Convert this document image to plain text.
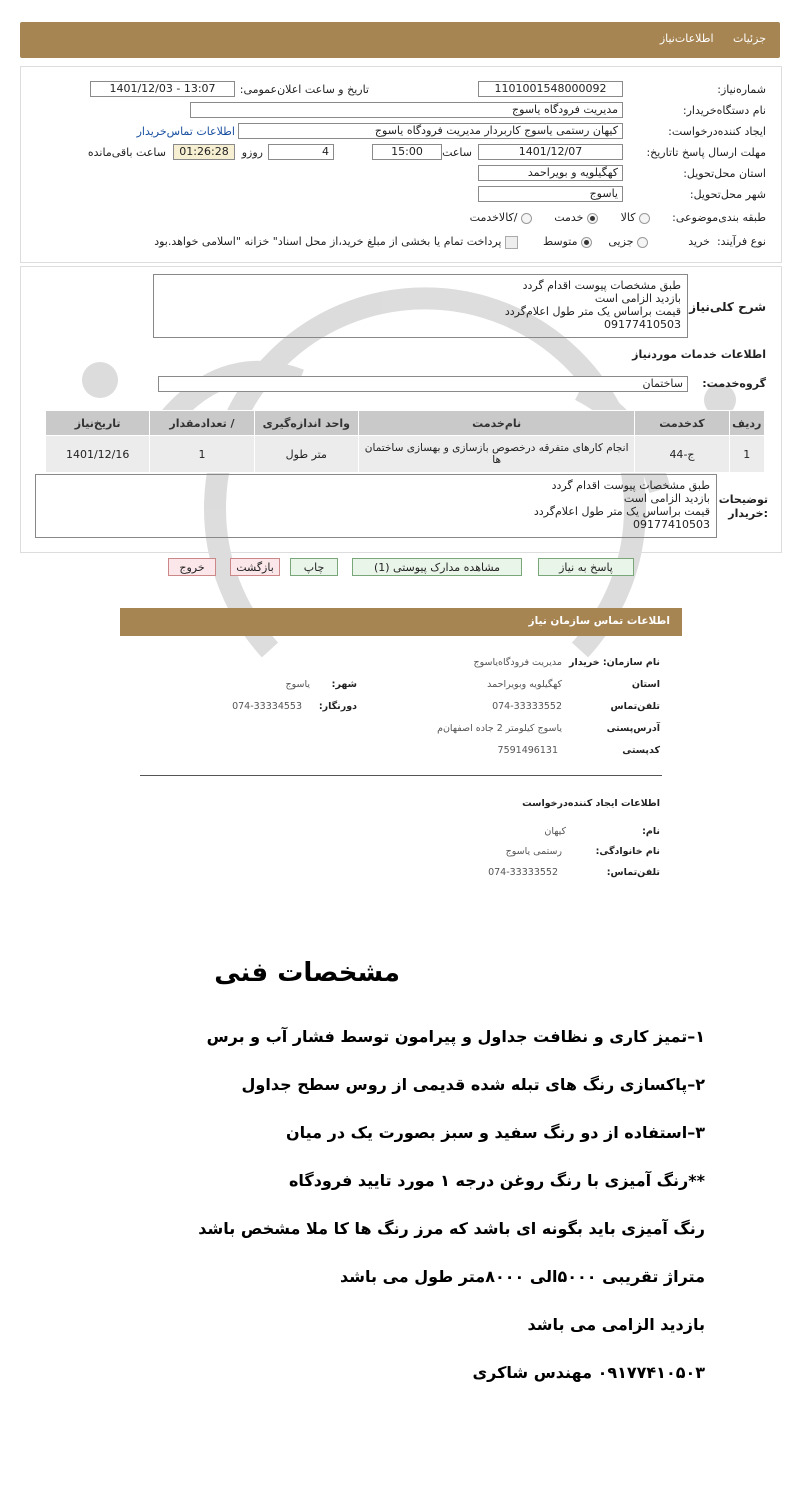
جزئیات اطلاعات‌نیاز
شماره‌نیاز:
1101001548000092
تاریخ و ساعت اعلان‌عمومی:
1401/12/03 - 13:07
نام دستگاه‌خریدار:
مدیریت فرودگاه یاسوج
ایجاد کننده‌درخواست:
کیهان رستمی یاسوج کاربردار مدیریت فرودگاه یاسوج
اطلاعات تماس‌خریدار
مهلت ارسال‌ پاسخ تا‌تاریخ:
1401/12/07
ساعت
15:00
4
روزو
01:26:28
ساعت باقی‌مانده
استان محل‌تحویل:
کهگیلویه و بویراحمد
شهر محل‌تحویل:
یاسوج
طبقه بندی‌موضوعی:
کالا
خدمت
/کالاخدمت
نوع فرآیند:
خرید
جزیی
متوسط
پرداخت تمام یا بخشی از مبلغ خرید،از محل اسناد" خزانه "اسلامی خواهد.بود
طبق مشخصات پیوست اقدام گردد
بازدید الزامی است
قیمت براساس یک متر طول اعلام‌گردد
09177410503
شرح کلی‌نیاز
اطلاعات خدمات موردنیاز
گروه‌خدمت:
ساختمان
ردیف	کدخدمت	نام‌خدمت	واحد اندازه‌گیری	/ تعدادمقدار	تاریخ‌نیاز
1	ج-44	انجام کارهای متفرقه درخصوص بازسازی و بهسازی ساختمان ها	متر طول	1	1401/12/16
طبق مشخصات پیوست اقدام گردد
بازدید الزامی است
قیمت براساس یک متر طول اعلام‌گردد
09177410503
توضیحات :خریدار
پاسخ به نیاز
مشاهده مدارک پیوستی (1)
چاپ
بازگشت
خروج
اطلاعات تماس سازمان‌ نیاز
نام سازمان: خریدار
مدیریت فرودگاه‌یاسوج
استان
کهگیلویه وبویراحمد
شهر:
یاسوج
تلفن‌تماس
074-33333552
دورنگار:
074-33334553
آدرس‌پستی
یاسوج کیلومتر 2 جاده اصفهان‌م
کد‌پستی
7591496131
اطلاعات ایجاد کننده‌درخواست
نام:
کیهان
نام خانوادگی:
رستمی یاسوج
تلفن‌تماس:
074-33333552
مشخصات فنی
۱–تمیز کاری و نظافت جداول و پیرامون توسط فشار آب و برس
۲–پاکسازی رنگ های تبله شده قدیمی از روس سطح جداول
۳–استفاده از دو رنگ سفید و سبز بصورت یک در میان
**رنگ آمیزی با رنگ روغن درجه ۱ مورد تایید فرودگاه
رنگ آمیزی باید بگونه ای باشد که مرز رنگ ها کا ملا مشخص باشد
متراژ تقریبی ۵۰۰۰الی ۸۰۰۰متر طول می باشد
بازدید الزامی می باشد
۰۹۱۷۷۴۱۰۵۰۳ مهندس شاکری
